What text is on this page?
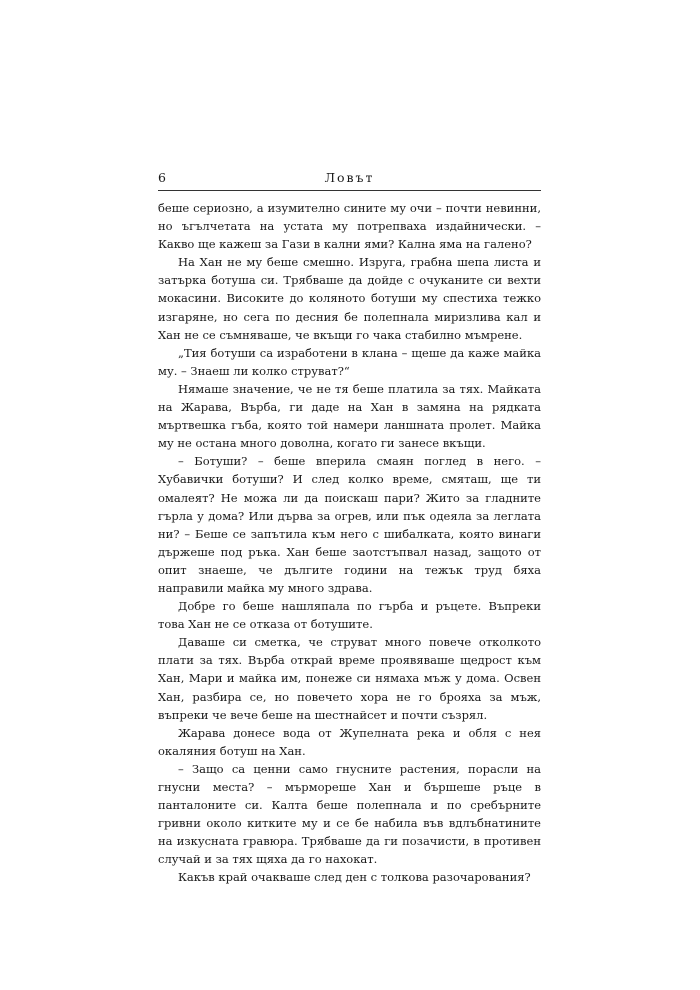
6	Ловът

беше сериозно, а изумително сините му очи – почти невинни, но ъгълчетата на устата му потрепваха издайнически. – Какво ще кажеш за Гази в кални ями? Кална яма на галено?

На Хан не му беше смешно. Изруга, грабна шепа листа и затърка ботуша си. Трябваше да дойде с очуканите си вехти мокасини. Високите до коляното ботуши му спестиха тежко изгаряне, но сега по десния бе полепнала миризлива кал и Хан не се съмняваше, че вкъщи го чака стабилно мъмрене.

„Тия ботуши са изработени в клана – щеше да каже майка му. – Знаеш ли колко струват?“

Нямаше значение, че не тя беше платила за тях. Майката на Жарава, Върба, ги даде на Хан в замяна на рядката мъртвешка гъба, която той намери ланшната пролет. Майка му не остана много доволна, когато ги занесе вкъщи.

– Ботуши? – беше вперила смаян поглед в него. – Хубавички ботуши? И след колко време, смяташ, ще ти омалеят? Не можа ли да поискаш пари? Жито за гладните гърла у дома? Или дърва за огрев, или пък одеяла за леглата ни? – Беше се запътила към него с шибалката, която винаги държеше под ръка. Хан беше заотстъпвал назад, защото от опит знаеше, че дългите години на тежък труд бяха направили майка му много здрава.

Добре го беше нашляпала по гърба и ръцете. Въпреки това Хан не се отказа от ботушите.

Даваше си сметка, че струват много повече отколкото плати за тях. Върба открай време проявяваше щедрост към Хан, Мари и майка им, понеже си нямаха мъж у дома. Освен Хан, разбира се, но повечето хора не го брояха за мъж, въпреки че вече беше на шестнайсет и почти съзрял.

Жарава донесе вода от Жупелната река и обля с нея окаляния ботуш на Хан.

– Защо са ценни само гнусните растения, порасли на гнусни места? – мърмореше Хан и бършеше ръце в панталоните си. Калта беше полепнала и по сребърните гривни около китките му и се бе набила във вдлъбнатините на изкусната гравюра. Трябваше да ги позачисти, в противен случай и за тях щяха да го нахокат.

Какъв край очакваше след ден с толкова разочарования?
